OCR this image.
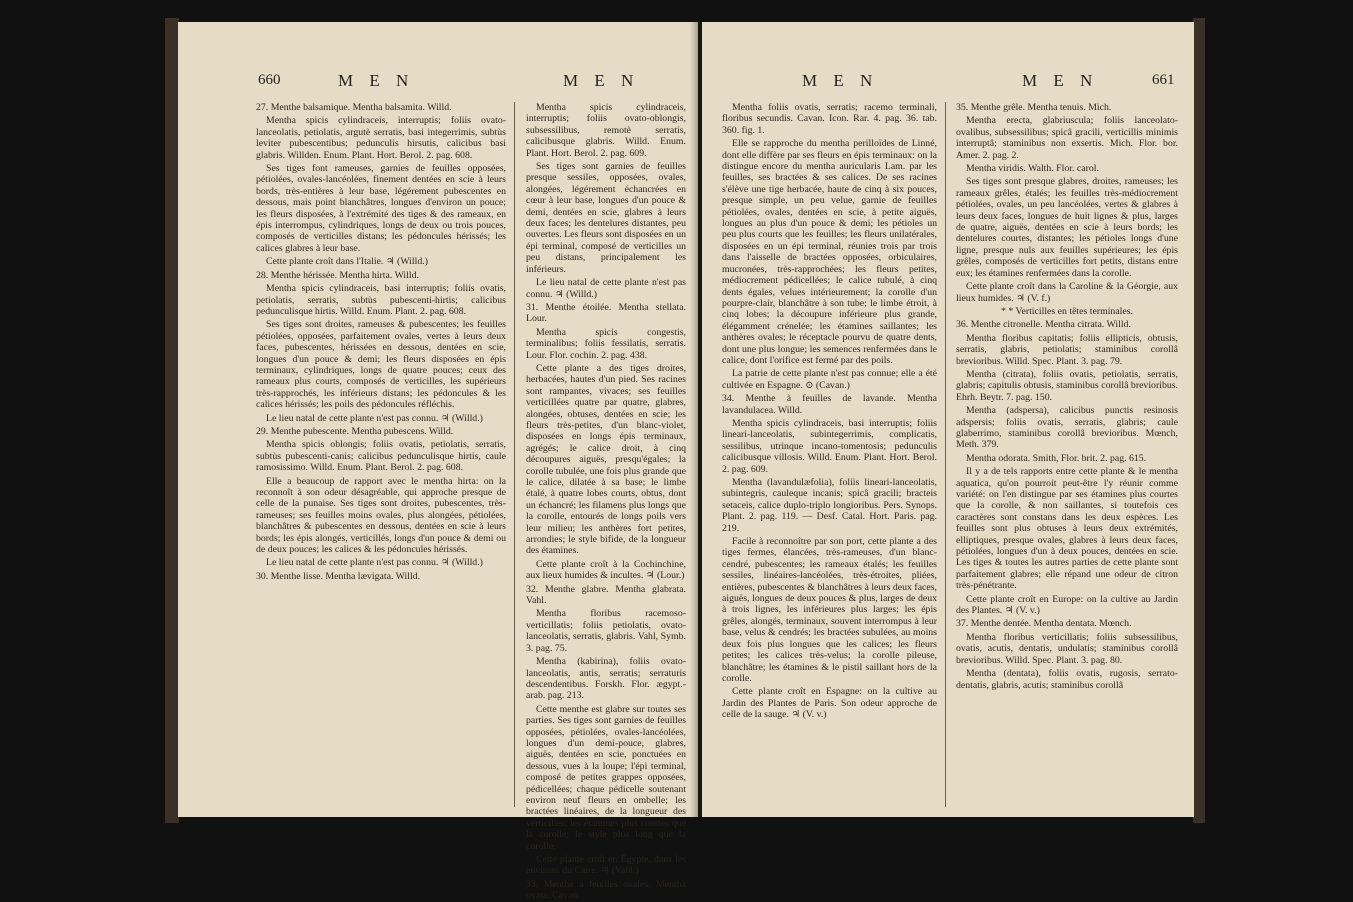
660	M E N	M E N

27. Menthe balsamique. Mentha balsamita. Willd.

Mentha spicis cylindraceis, interruptis; foliis ovato-lanceolatis, petiolatis, argutè serratis, basi integerrimis, subtùs leviter pubescentibus; pedunculis hirsutis, calicibus basi glabris. Willden. Enum. Plant. Hort. Berol. 2. pag. 608.

Ses tiges font rameuses, garnies de feuilles opposées, pétiolées, ovales-lancéolées, finement dentées en scie à leurs bords, très-entières à leur base, légérement pubescentes en dessous, mais point blanchâtres, longues d'environ un pouce; les fleurs disposées, à l'extrémité des tiges & des rameaux, en épis interrompus, cylindriques, longs de deux ou trois pouces, composés de verticilles distans; les pédoncules hérissés; les calices glabres à leur base.

Cette plante croît dans l'Italie. ♃ (Willd.)

28. Menthe hérissée. Mentha hirta. Willd.

Mentha spicis cylindraceis, basi interruptis; foliis ovatis, petiolatis, serratis, subtùs pubescenti-hirtis; calicibus pedunculisque hirtis. Willd. Enum. Plant. 2. pag. 608.

Ses tiges sont droites, rameuses & pubescentes; les feuilles pétiolées, opposées, parfaitement ovales, vertes à leurs deux faces, pubescentes, hérissées en dessous, dentées en scie, longues d'un pouce & demi; les fleurs disposées en épis terminaux, cylindriques, longs de quatre pouces; ceux des rameaux plus courts, composés de verticilles, les supérieurs très-rapprochés, les inférieurs distans; les pédoncules & les calices hérissés; les poils des pédoncules réfléchis.

Le lieu natal de cette plante n'est pas connu. ♃ (Willd.)

29. Menthe pubescente. Mentha pubescens. Willd.

Mentha spicis oblongis; foliis ovatis, petiolatis, serratis, subtùs pubescenti-canis; calicibus pedunculisque hirtis, caule ramosissimo. Willd. Enum. Plant. Berol. 2. pag. 608.

Elle a beaucoup de rapport avec le mentha hirta: on la reconnoît à son odeur désagréable, qui approche presque de celle de la punaise. Ses tiges sont droites, pubescentes, très-rameuses; ses feuilles moins ovales, plus alongées, pétiolées, blanchâtres & pubescentes en dessous, dentées en scie à leurs bords; les épis alongés, verticillés, longs d'un pouce & demi ou de deux pouces; les calices & les pédoncules hérissés.

Le lieu natal de cette plante n'est pas connu. ♃ (Willd.)

30. Menthe lisse. Mentha lævigata. Willd.

Mentha spicis cylindraceis, interruptis; foliis ovato-oblongis, subsessilibus, remotè serratis, calicibusque glabris. Willd. Enum. Plant. Hort. Berol. 2. pag. 609.

Ses tiges sont garnies de feuilles presque sessiles, opposées, ovales, alongées, légérement échancrées en cœur à leur base, longues d'un pouce & demi, dentées en scie, glabres à leurs deux faces; les dentelures distantes, peu ouvertes. Les fleurs sont disposées en un épi terminal, composé de verticilles un peu distans, principalement les inférieurs.

Le lieu natal de cette plante n'est pas connu. ♃ (Willd.)

31. Menthe étoilée. Mentha stellata. Lour.

Mentha spicis congestis, terminalibus; foliis fessilatis, serratis. Lour. Flor. cochin. 2. pag. 438.

Cette plante a des tiges droites, herbacées, hautes d'un pied. Ses racines sont rampantes, vivaces; ses feuilles verticillées quatre par quatre, glabres, alongées, obtuses, dentées en scie; les fleurs très-petites, d'un blanc-violet, disposées en longs épis terminaux, agrégés; le calice droit, à cinq découpures aiguës, presqu'égales; la corolle tubulée, une fois plus grande que le calice, dilatée à sa base; le limbe étalé, à quatre lobes courts, obtus, dont un échancré; les filamens plus longs que la corolle, entourés de longs poils vers leur milieu; les anthères fort petites, arrondies; le style bifide, de la longueur des étamines.

Cette plante croît à la Cochinchine, aux lieux humides & incultes. ♃ (Lour.)

32. Menthe glabre. Mentha glabrata. Vahl.

Mentha floribus racemoso-verticillatis; foliis petiolatis, ovato-lanceolatis, serratis, glabris. Vahl, Symb. 3. pag. 75.

Mentha (kabirina), foliis ovato-lanceolatis, antis, serratis; serraturis descendentibus. Forskh. Flor. ægypt.-arab. pag. 213.

Cette menthe est glabre sur toutes ses parties. Ses tiges sont garnies de feuilles opposées, pétiolées, ovales-lancéolées, longues d'un demi-pouce, glabres, aiguës, dentées en scie, ponctuées en dessous, vues à la loupe; l'épi terminal, composé de petites grappes opposées, pédicellées; chaque pédicelle soutenant environ neuf fleurs en ombelle; les bractées linéaires, de la longueur des verticilles; les étamines plus courtes que la corolle; le style plus long que la corolle.

Cette plante croît en Égypte, dans les environs du Caire. ♃ (Vahl.)

33. Menthe à feuilles ovales. Mentha ovata. Cavan.

M E N	M E N	661

Mentha foliis ovatis, serratis; racemo terminali, floribus secundis. Cavan. Icon. Rar. 4. pag. 36. tab. 360. fig. 1.

Elle se rapproche du mentha perilloïdes de Linné, dont elle diffère par ses fleurs en épis terminaux: on la distingue encore du mentha auricularis Lam. par les feuilles, ses bractées & ses calices. De ses racines s'élève une tige herbacée, haute de cinq à six pouces, presque simple, un peu velue, garnie de feuilles pétiolées, ovales, dentées en scie, à petite aiguës, longues au plus d'un pouce & demi; les pétioles un peu plus courts que les feuilles; les fleurs unilatérales, disposées en un épi terminal, réunies trois par trois dans l'aisselle de bractées opposées, orbiculaires, mucronées, très-rapprochées; les fleurs petites, médiocrement pédicellées; le calice tubulé, à cinq dents égales, velues intérieurement; la corolle d'un pourpre-clair, blanchâtre à son tube; le limbe étroit, à cinq lobes; la découpure inférieure plus grande, élégamment crénelée; les étamines saillantes; les anthères ovales; le réceptacle pourvu de quatre dents, dont une plus longue; les semences renfermées dans le calice, dont l'orifice est fermé par des poils.

La patrie de cette plante n'est pas connue; elle a été cultivée en Espagne. ⊙ (Cavan.)

34. Menthe à feuilles de lavande. Mentha lavandulacea. Willd.

Mentha spicis cylindraceis, basi interruptis; foliis lineari-lanceolatis, subintegerrimis, complicatis, sessilibus, utrinque incano-tomentosis; pedunculis calicibusque villosis. Willd. Enum. Plant. Hort. Berol. 2. pag. 609.

Mentha (lavandulæfolia), foliis lineari-lanceolatis, subintegris, cauleque incanis; spicâ gracili; bracteis setaceis, calice duplo-triplo longioribus. Pers. Synops. Plant. 2. pag. 119. — Desf. Catal. Hort. Paris. pag. 219.

Facile à reconnoître par son port, cette plante a des tiges fermes, élancées, très-rameuses, d'un blanc-cendré, pubescentes; les rameaux étalés; les feuilles sessiles, linéaires-lancéolées, très-étroites, pliées, entières, pubescentes & blanchâtres à leurs deux faces, aiguës, longues de deux pouces & plus, larges de deux à trois lignes, les inférieures plus larges; les épis grêles, alongés, terminaux, souvent interrompus à leur base, velus & cendrés; les bractées subulées, au moins deux fois plus longues que les calices; les fleurs petites; les calices très-velus; la corolle pileuse, blanchâtre; les étamines & le pistil saillant hors de la corolle.

Cette plante croît en Espagne: on la cultive au Jardin des Plantes de Paris. Son odeur approche de celle de la sauge. ♃ (V. v.)

35. Menthe grêle. Mentha tenuis. Mich.

Mentha erecta, glabriuscula; foliis lanceolato-ovalibus, subsessilibus; spicâ gracili, verticillis minimis interruptâ; staminibus non exsertis. Mich. Flor. bor. Amer. 2. pag. 2.

Mentha viridis. Walth. Flor. carol.

Ses tiges sont presque glabres, droites, rameuses; les rameaux grêles, étalés; les feuilles très-médiocrement pétiolées, ovales, un peu lancéolées, vertes & glabres à leurs deux faces, longues de huit lignes & plus, larges de quatre, aiguës, dentées en scie à leurs bords; les dentelures courtes, distantes; les pétioles longs d'une ligne, presque nuls aux feuilles supérieures; les épis grêles, composés de verticilles fort petits, distans entre eux; les étamines renfermées dans la corolle.

Cette plante croît dans la Caroline & la Géorgie, aux lieux humides. ♃ (V. f.)

* * Verticilles en têtes terminales.

36. Menthe citronelle. Mentha citrata. Willd.

Mentha floribus capitatis; foliis ellipticis, obtusis, serratis, glabris, petiolatis; staminibus corollâ brevioribus. Willd. Spec. Plant. 3. pag. 79.

Mentha (citrata), foliis ovatis, petiolatis, serratis, glabris; capitulis obtusis, staminibus corollâ brevioribus. Ehrh. Beytr. 7. pag. 150.

Mentha (adspersa), calicibus punctis resinosis adspersis; foliis ovatis, serratis, glabris; caule glaberrimo, staminibus corollâ brevioribus. Mœnch, Meth. 379.

Mentha odorata. Smith, Flor. brit. 2. pag. 615.

Il y a de tels rapports entre cette plante & le mentha aquatica, qu'on pourroit peut-être l'y réunir comme variété: on l'en distingue par ses étamines plus courtes que la corolle, & non saillantes, si toutefois ces caractères sont constans dans les deux espèces. Les feuilles sont plus obtuses à leurs deux extrémités, elliptiques, presque ovales, glabres à leurs deux faces, pétiolées, longues d'un à deux pouces, dentées en scie. Les tiges & toutes les autres parties de cette plante sont parfaitement glabres; elle répand une odeur de citron très-pénétrante.

Cette plante croît en Europe: on la cultive au Jardin des Plantes. ♃ (V. v.)

37. Menthe dentée. Mentha dentata. Mœnch.

Mentha floribus verticillatis; foliis subsessilibus, ovatis, acutis, dentatis, undulatis; staminibus corollâ brevioribus. Willd. Spec. Plant. 3. pag. 80.

Mentha (dentata), foliis ovatis, rugosis, serrato-dentatis, glabris, acutis; staminibus corollâ
